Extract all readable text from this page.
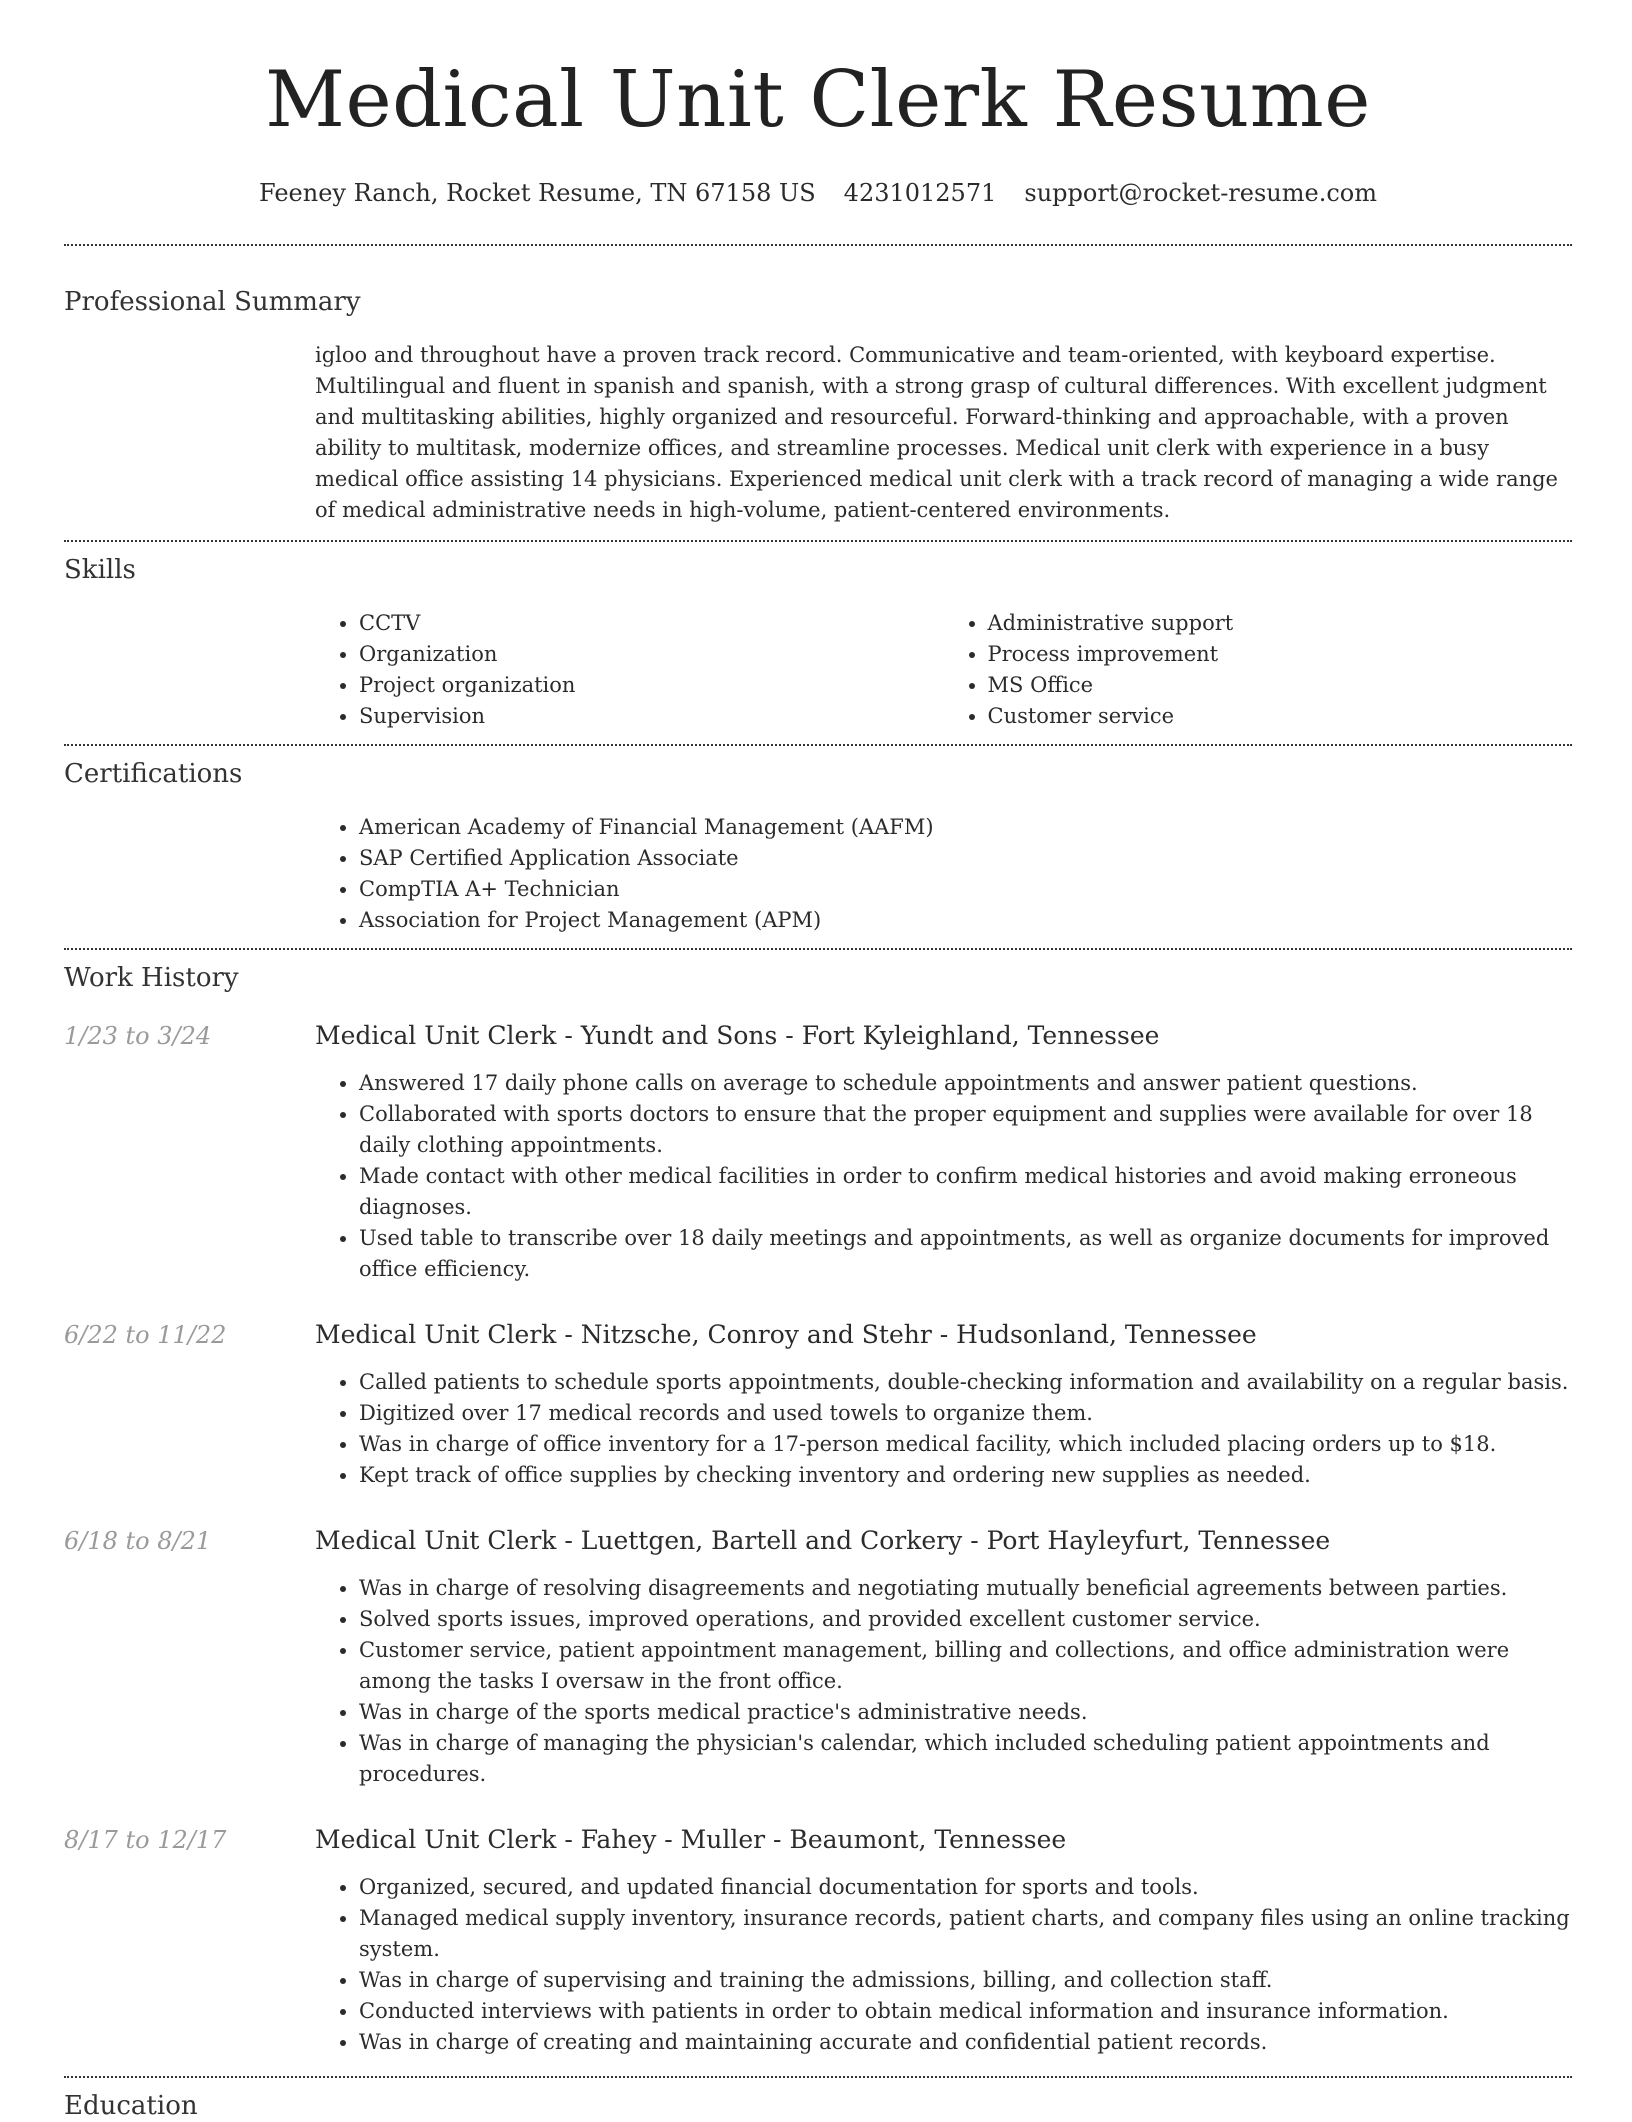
Medical Unit Clerk Resume
Feeney Ranch, Rocket Resume, TN 67158 US 4231012571 support@rocket-resume.com
Professional Summary
igloo and throughout have a proven track record. Communicative and team-oriented, with keyboard expertise. Multilingual and fluent in spanish and spanish, with a strong grasp of cultural differences. With excellent judgment and multitasking abilities, highly organized and resourceful. Forward-thinking and approachable, with a proven ability to multitask, modernize offices, and streamline processes. Medical unit clerk with experience in a busy medical office assisting 14 physicians. Experienced medical unit clerk with a track record of managing a wide range of medical administrative needs in high-volume, patient-centered environments.
Skills
• CCTV
• Organization
• Project organization
• Supervision
• Administrative support
• Process improvement
• MS Office
• Customer service
Certifications
• American Academy of Financial Management (AAFM)
• SAP Certified Application Associate
• CompTIA A+ Technician
• Association for Project Management (APM)
Work History
1/23 to 3/24	Medical Unit Clerk - Yundt and Sons - Fort Kyleighland, Tennessee
• Answered 17 daily phone calls on average to schedule appointments and answer patient questions.
• Collaborated with sports doctors to ensure that the proper equipment and supplies were available for over 18 daily clothing appointments.
• Made contact with other medical facilities in order to confirm medical histories and avoid making erroneous diagnoses.
• Used table to transcribe over 18 daily meetings and appointments, as well as organize documents for improved office efficiency.
6/22 to 11/22	Medical Unit Clerk - Nitzsche, Conroy and Stehr - Hudsonland, Tennessee
• Called patients to schedule sports appointments, double-checking information and availability on a regular basis.
• Digitized over 17 medical records and used towels to organize them.
• Was in charge of office inventory for a 17-person medical facility, which included placing orders up to $18.
• Kept track of office supplies by checking inventory and ordering new supplies as needed.
6/18 to 8/21	Medical Unit Clerk - Luettgen, Bartell and Corkery - Port Hayleyfurt, Tennessee
• Was in charge of resolving disagreements and negotiating mutually beneficial agreements between parties.
• Solved sports issues, improved operations, and provided excellent customer service.
• Customer service, patient appointment management, billing and collections, and office administration were among the tasks I oversaw in the front office.
• Was in charge of the sports medical practice's administrative needs.
• Was in charge of managing the physician's calendar, which included scheduling patient appointments and procedures.
8/17 to 12/17	Medical Unit Clerk - Fahey - Muller - Beaumont, Tennessee
• Organized, secured, and updated financial documentation for sports and tools.
• Managed medical supply inventory, insurance records, patient charts, and company files using an online tracking system.
• Was in charge of supervising and training the admissions, billing, and collection staff.
• Conducted interviews with patients in order to obtain medical information and insurance information.
• Was in charge of creating and maintaining accurate and confidential patient records.
Education
